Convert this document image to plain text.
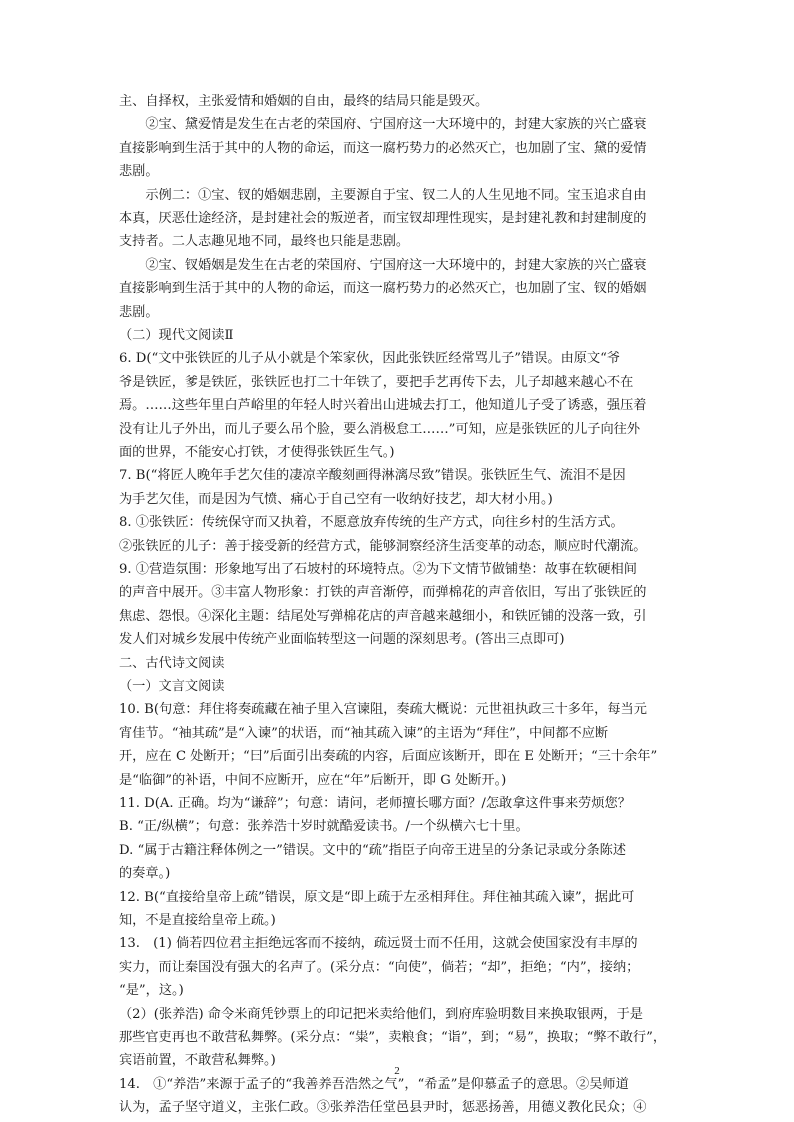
主、自择权，主张爱情和婚姻的自由，最终的结局只能是毁灭。
　　②宝、黛爱情是发生在古老的荣国府、宁国府这一大环境中的，封建大家族的兴亡盛衰
直接影响到生活于其中的人物的命运，而这一腐朽势力的必然灭亡，也加剧了宝、黛的爱情
悲剧。
　　示例二：①宝、钗的婚姻悲剧，主要源自于宝、钗二人的人生见地不同。宝玉追求自由
本真，厌恶仕途经济，是封建社会的叛逆者，而宝钗却理性现实，是封建礼教和封建制度的
支持者。二人志趣见地不同，最终也只能是悲剧。
　　②宝、钗婚姻是发生在古老的荣国府、宁国府这一大环境中的，封建大家族的兴亡盛衰
直接影响到生活于其中的人物的命运，而这一腐朽势力的必然灭亡，也加剧了宝、钗的婚姻
悲剧。
（二）现代文阅读Ⅱ
6. D(“文中张铁匠的儿子从小就是个笨家伙，因此张铁匠经常骂儿子”错误。由原文“爷
爷是铁匠，爹是铁匠，张铁匠也打二十年铁了，要把手艺再传下去，儿子却越来越心不在
焉。……这些年里白芦峪里的年轻人时兴着出山进城去打工，他知道儿子受了诱惑，强压着
没有让儿子外出，而儿子要么吊个脸，要么消极怠工……”可知，应是张铁匠的儿子向往外
面的世界，不能安心打铁，才使得张铁匠生气。)
7. B(“将匠人晚年手艺欠佳的凄凉辛酸刻画得淋漓尽致”错误。张铁匠生气、流泪不是因
为手艺欠佳，而是因为气愤、痛心于自己空有一收纳好技艺，却大材小用。)
8. ①张铁匠：传统保守而又执着，不愿意放弃传统的生产方式，向往乡村的生活方式。
②张铁匠的儿子：善于接受新的经营方式，能够洞察经济生活变革的动态，顺应时代潮流。
9. ①营造氛围：形象地写出了石坡村的环境特点。②为下文情节做铺垫：故事在软硬相间
的声音中展开。③丰富人物形象：打铁的声音渐停，而弹棉花的声音依旧，写出了张铁匠的
焦虑、怨恨。④深化主题：结尾处写弹棉花店的声音越来越细小，和铁匠铺的没落一致，引
发人们对城乡发展中传统产业面临转型这一问题的深刻思考。(答出三点即可)
二、古代诗文阅读
（一）文言文阅读
10. B(句意：拜住将奏疏藏在袖子里入宫谏阻，奏疏大概说：元世祖执政三十多年，每当元
宵佳节。“袖其疏”是“入谏”的状语，而“袖其疏入谏”的主语为“拜住”，中间都不应断
开，应在 C 处断开；“曰”后面引出奏疏的内容，后面应该断开，即在 E 处断开；“三十余年”
是“临御”的补语，中间不应断开，应在“年”后断开，即 G 处断开。)
11. D(A. 正确。均为“谦辞”；句意：请问，老师擅长哪方面？/怎敢拿这件事来劳烦您？
B. “正/纵横”；句意：张养浩十岁时就酷爱读书。/一个纵横六七十里。
D. “属于古籍注释体例之一”错误。文中的“疏”指臣子向帝王进呈的分条记录或分条陈述
的奏章。)
12. B(“直接给皇帝上疏”错误，原文是“即上疏于左丞相拜住。拜住袖其疏入谏”，据此可
知，不是直接给皇帝上疏。)
13.　(1) 倘若四位君主拒绝远客而不接纳，疏远贤士而不任用，这就会使国家没有丰厚的
实力，而让秦国没有强大的名声了。(采分点：“向使”，倘若；“却”，拒绝；“内”，接纳；
“是”，这。)
（2）(张养浩) 命令米商凭钞票上的印记把米卖给他们，到府库验明数目来换取银两，于是
那些官吏再也不敢营私舞弊。(采分点：“粜”，卖粮食；“诣”，到；“易”，换取；“弊不敢行”，
宾语前置，不敢营私舞弊。)
14.　①“养浩”来源于孟子的“我善养吾浩然之气”，“希孟”是仰慕孟子的意思。②吴师道
认为，孟子坚守道义，主张仁政。③张养浩任堂邑县尹时，惩恶扬善，用德义教化民众；④
2
